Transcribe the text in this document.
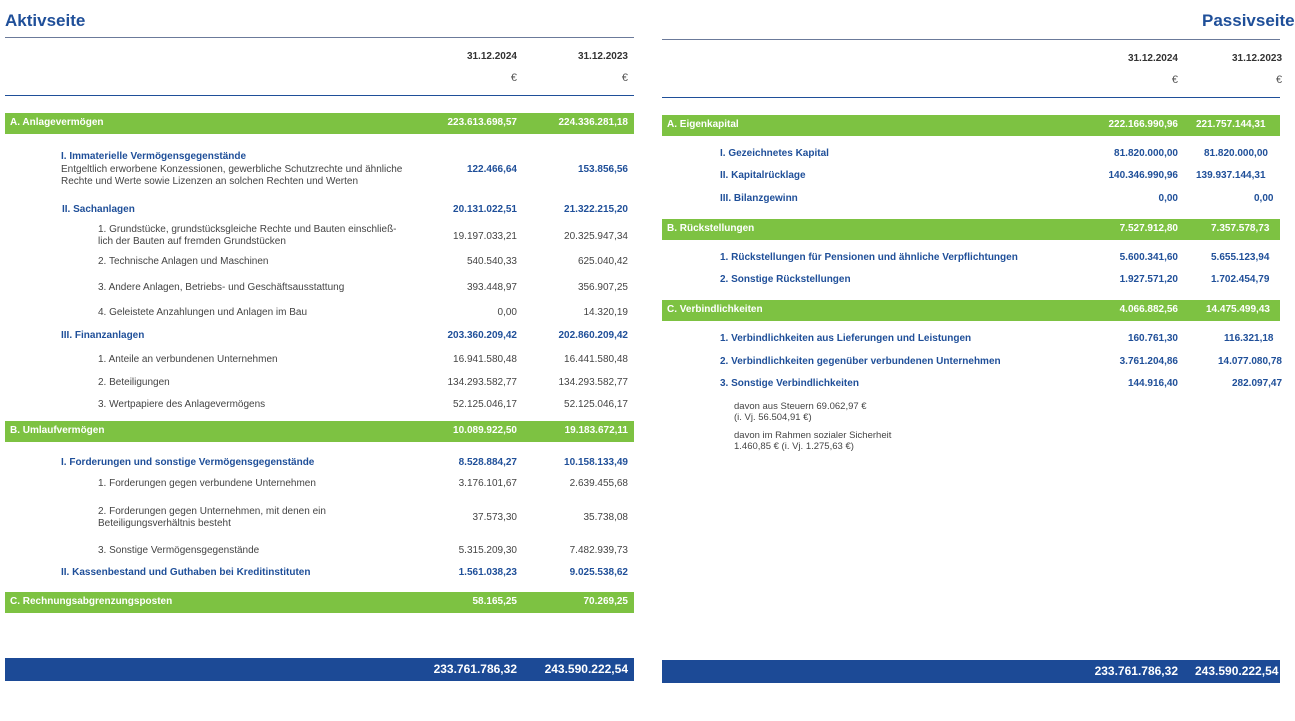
Aktivseite
31.12.2024	31.12.2023
€	€
A. Anlagevermögen	223.613.698,57	224.336.281,18
I. Immaterielle Vermögensgegenstände
Entgeltlich erworbene Konzessionen, gewerbliche Schutzrechte und ähnliche Rechte und Werte sowie Lizenzen an solchen Rechten und Werten
122.466,64	153.856,56
II. Sachanlagen	20.131.022,51	21.322.215,20
1. Grundstücke, grundstücksgleiche Rechte und Bauten einschließ- lich der Bauten auf fremden Grundstücken	19.197.033,21	20.325.947,34
2. Technische Anlagen und Maschinen	540.540,33	625.040,42
3. Andere Anlagen, Betriebs- und Geschäftsausstattung	393.448,97	356.907,25
4. Geleistete Anzahlungen und Anlagen im Bau	0,00	14.320,19
III. Finanzanlagen	203.360.209,42	202.860.209,42
1. Anteile an verbundenen Unternehmen	16.941.580,48	16.441.580,48
2. Beteiligungen	134.293.582,77	134.293.582,77
3. Wertpapiere des Anlagevermögens	52.125.046,17	52.125.046,17
B. Umlaufvermögen	10.089.922,50	19.183.672,11
I. Forderungen und sonstige Vermögensgegenstände	8.528.884,27	10.158.133,49
1. Forderungen gegen verbundene Unternehmen	3.176.101,67	2.639.455,68
2. Forderungen gegen Unternehmen, mit denen ein Beteiligungsverhältnis besteht
37.573,30	35.738,08
3. Sonstige Vermögensgegenstände	5.315.209,30	7.482.939,73
II. Kassenbestand und Guthaben bei Kreditinstituten	1.561.038,23	9.025.538,62
C. Rechnungsabgrenzungsposten	58.165,25	70.269,25
233.761.786,32 243.590.222,54
Passivseite
31.12.2024	31.12.2023
€	€
A. Eigenkapital	222.166.990,96 221.757.144,31
I. Gezeichnetes Kapital	81.820.000,00	81.820.000,00
II. Kapitalrücklage	140.346.990,96 139.937.144,31
III. Bilanzgewinn	0,00	0,00
B. Rückstellungen	7.527.912,80	7.357.578,73
1. Rückstellungen für Pensionen und ähnliche Verpflichtungen	5.600.341,60	5.655.123,94
2. Sonstige Rückstellungen	1.927.571,20	1.702.454,79
C. Verbindlichkeiten	4.066.882,56	14.475.499,43
1. Verbindlichkeiten aus Lieferungen und Leistungen	160.761,30	116.321,18
2. Verbindlichkeiten gegenüber verbundenen Unternehmen	3.761.204,86	14.077.080,78
3. Sonstige Verbindlichkeiten	144.916,40	282.097,47
davon aus Steuern 69.062,97 €
(i. Vj. 56.504,91 €)
davon im Rahmen sozialer Sicherheit
1.460,85 € (i. Vj. 1.275,63 €)
233.761.786,32 243.590.222,54
